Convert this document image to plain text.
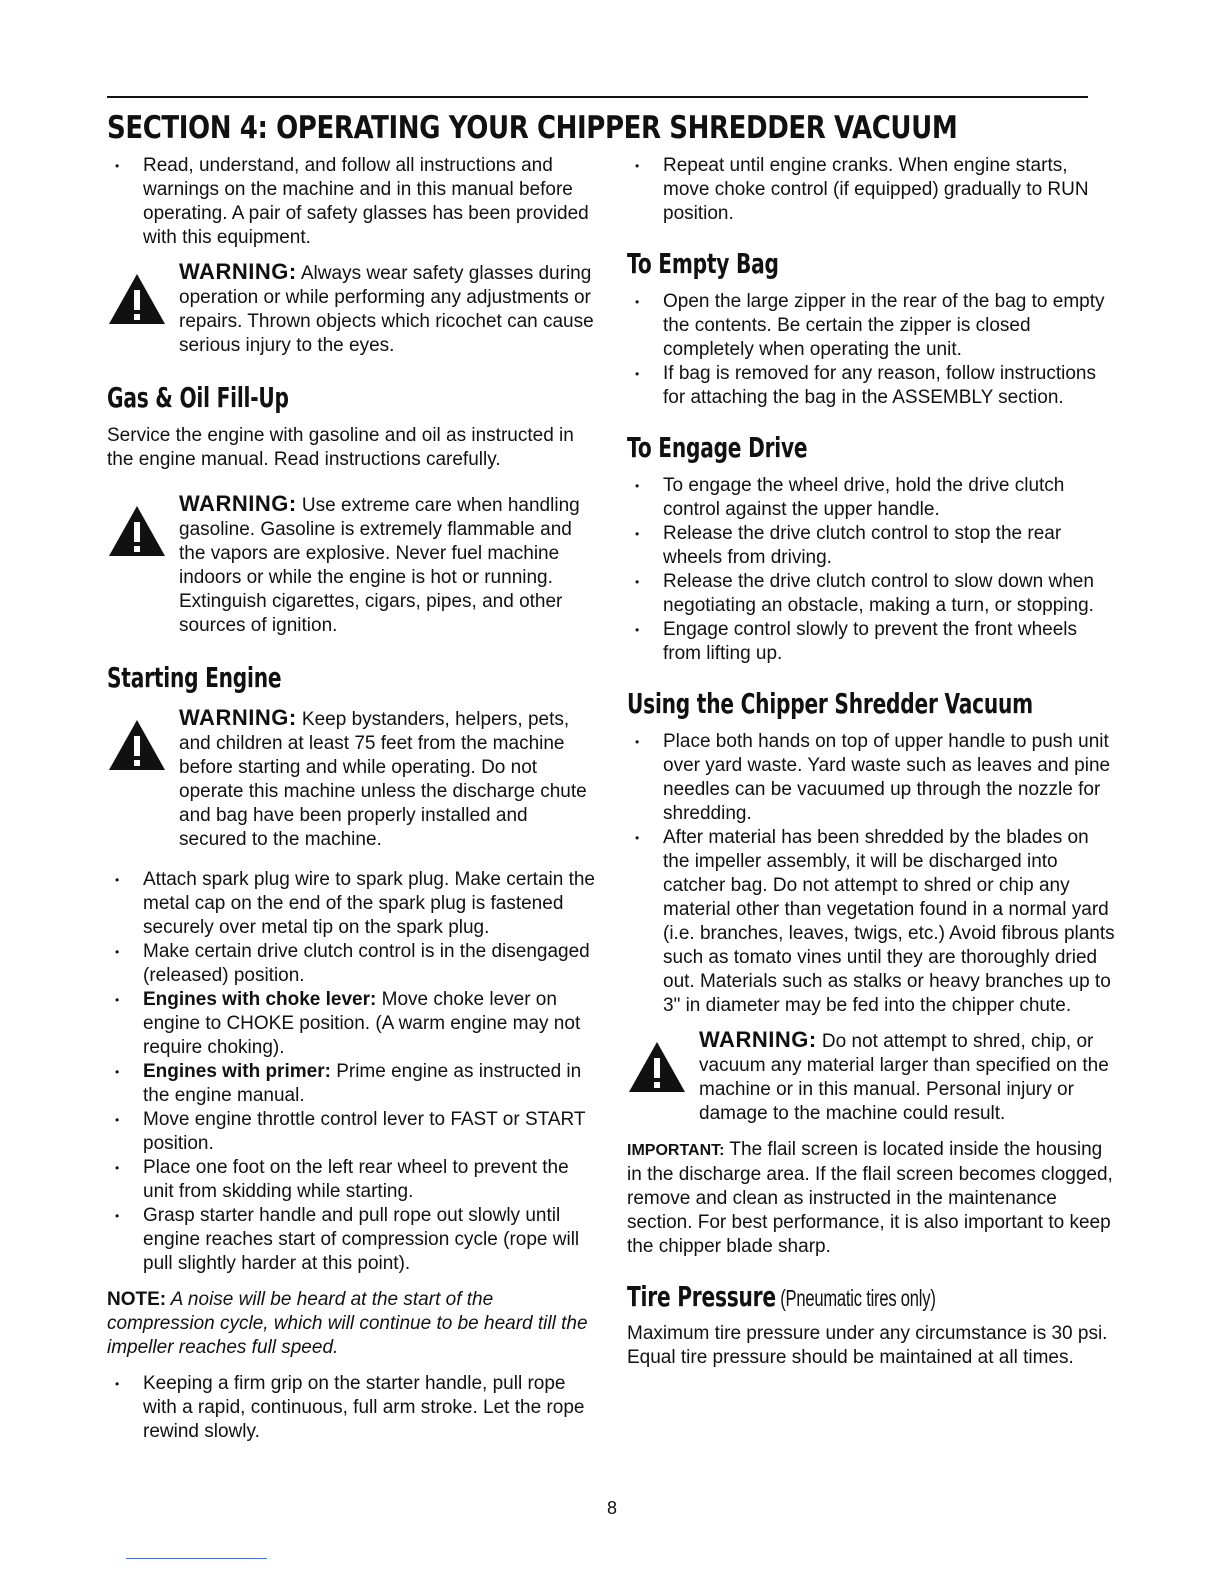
SECTION 4: OPERATING YOUR CHIPPER SHREDDER VACUUM
• Read, understand, and follow all instructions and warnings on the machine and in this manual before operating. A pair of safety glasses has been provided with this equipment.
WARNING: Always wear safety glasses during operation or while performing any adjustments or repairs. Thrown objects which ricochet can cause serious injury to the eyes.
Gas & Oil Fill-Up

Service the engine with gasoline and oil as instructed in the engine manual. Read instructions carefully.

WARNING: Use extreme care when handling gasoline. Gasoline is extremely flammable and the vapors are explosive. Never fuel machine indoors or while the engine is hot or running. Extinguish cigarettes, cigars, pipes, and other sources of ignition.
Starting Engine
WARNING: Keep bystanders, helpers, pets, and children at least 75 feet from the machine before starting and while operating. Do not operate this machine unless the discharge chute and bag have been properly installed and secured to the machine.
• Attach spark plug wire to spark plug. Make certain the metal cap on the end of the spark plug is fastened securely over metal tip on the spark plug.
• Make certain drive clutch control is in the disengaged (released) position.
• Engines with choke lever: Move choke lever on engine to CHOKE position. (A warm engine may not require choking).
• Engines with primer: Prime engine as instructed in the engine manual.
• Move engine throttle control lever to FAST or START position.
• Place one foot on the left rear wheel to prevent the unit from skidding while starting.
• Grasp starter handle and pull rope out slowly until engine reaches start of compression cycle (rope will pull slightly harder at this point).

NOTE: A noise will be heard at the start of the compression cycle, which will continue to be heard till the impeller reaches full speed.

• Keeping a firm grip on the starter handle, pull rope with a rapid, continuous, full arm stroke. Let the rope rewind slowly.
• Repeat until engine cranks. When engine starts, move choke control (if equipped) gradually to RUN position.
To Empty Bag
• Open the large zipper in the rear of the bag to empty the contents. Be certain the zipper is closed completely when operating the unit.
• If bag is removed for any reason, follow instructions for attaching the bag in the ASSEMBLY section.
To Engage Drive
• To engage the wheel drive, hold the drive clutch control against the upper handle.
• Release the drive clutch control to stop the rear wheels from driving.
• Release the drive clutch control to slow down when negotiating an obstacle, making a turn, or stopping.
• Engage control slowly to prevent the front wheels from lifting up.
Using the Chipper Shredder Vacuum
• Place both hands on top of upper handle to push unit over yard waste. Yard waste such as leaves and pine needles can be vacuumed up through the nozzle for shredding.
• After material has been shredded by the blades on the impeller assembly, it will be discharged into catcher bag. Do not attempt to shred or chip any material other than vegetation found in a normal yard (i.e. branches, leaves, twigs, etc.) Avoid fibrous plants such as tomato vines until they are thoroughly dried out. Materials such as stalks or heavy branches up to 3" in diameter may be fed into the chipper chute.
WARNING: Do not attempt to shred, chip, or vacuum any material larger than specified on the machine or in this manual. Personal injury or damage to the machine could result.

IMPORTANT: The flail screen is located inside the housing in the discharge area. If the flail screen becomes clogged, remove and clean as instructed in the maintenance section. For best performance, it is also important to keep the chipper blade sharp.

Tire Pressure (Pneumatic tires only)

Maximum tire pressure under any circumstance is 30 psi. Equal tire pressure should be maintained at all times.

8
